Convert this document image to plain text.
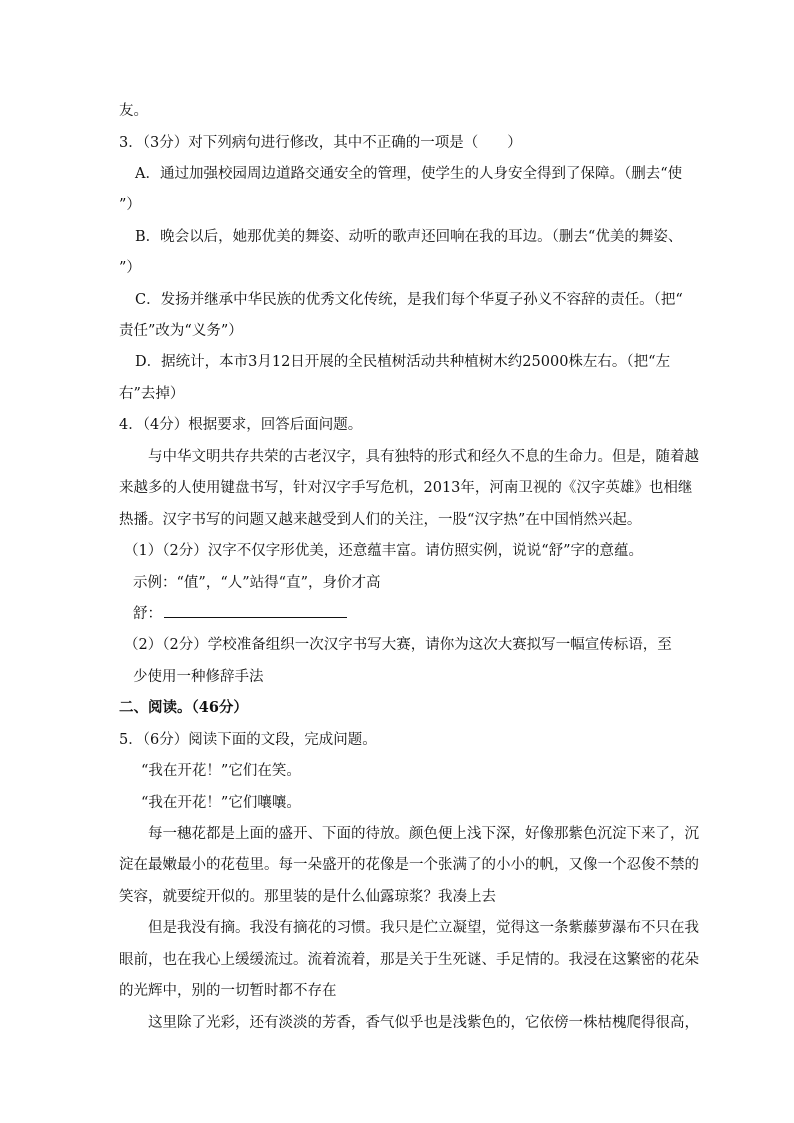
友。
3．（3分）对下列病句进行修改，其中不正确的一项是（　　）
A．通过加强校园周边道路交通安全的管理，使学生的人身安全得到了保障。（删去“使
”）
B．晚会以后，她那优美的舞姿、动听的歌声还回响在我的耳边。（删去“优美的舞姿、
”）
C．发扬并继承中华民族的优秀文化传统，是我们每个华夏子孙义不容辞的责任。（把“
责任”改为“义务”）
D．据统计，本市3月12日开展的全民植树活动共种植树木约25000株左右。（把“左
右”去掉）
4．（4分）根据要求，回答后面问题。
与中华文明共存共荣的古老汉字，具有独特的形式和经久不息的生命力。但是，随着越
来越多的人使用键盘书写，针对汉字手写危机，2013年，河南卫视的《汉字英雄》也相继
热播。汉字书写的问题又越来越受到人们的关注，一股“汉字热”在中国悄然兴起。
（1）（2分）汉字不仅字形优美，还意蕴丰富。请仿照实例，说说“舒”字的意蕴。
示例：“值”，“人”站得“直”，身价才高
舒：
（2）（2分）学校准备组织一次汉字书写大赛，请你为这次大赛拟写一幅宣传标语，至
少使用一种修辞手法
二、阅读。（46分）
5．（6分）阅读下面的文段，完成问题。
“我在开花！”它们在笑。
“我在开花！”它们嚷嚷。
每一穗花都是上面的盛开、下面的待放。颜色便上浅下深，好像那紫色沉淀下来了，沉
淀在最嫩最小的花苞里。每一朵盛开的花像是一个张满了的小小的帆，又像一个忍俊不禁的
笑容，就要绽开似的。那里装的是什么仙露琼浆？我凑上去
但是我没有摘。我没有摘花的习惯。我只是伫立凝望，觉得这一条紫藤萝瀑布不只在我
眼前，也在我心上缓缓流过。流着流着，那是关于生死谜、手足情的。我浸在这繁密的花朵
的光辉中，别的一切暂时都不存在
这里除了光彩，还有淡淡的芳香，香气似乎也是浅紫色的，它依傍一株枯槐爬得很高，
